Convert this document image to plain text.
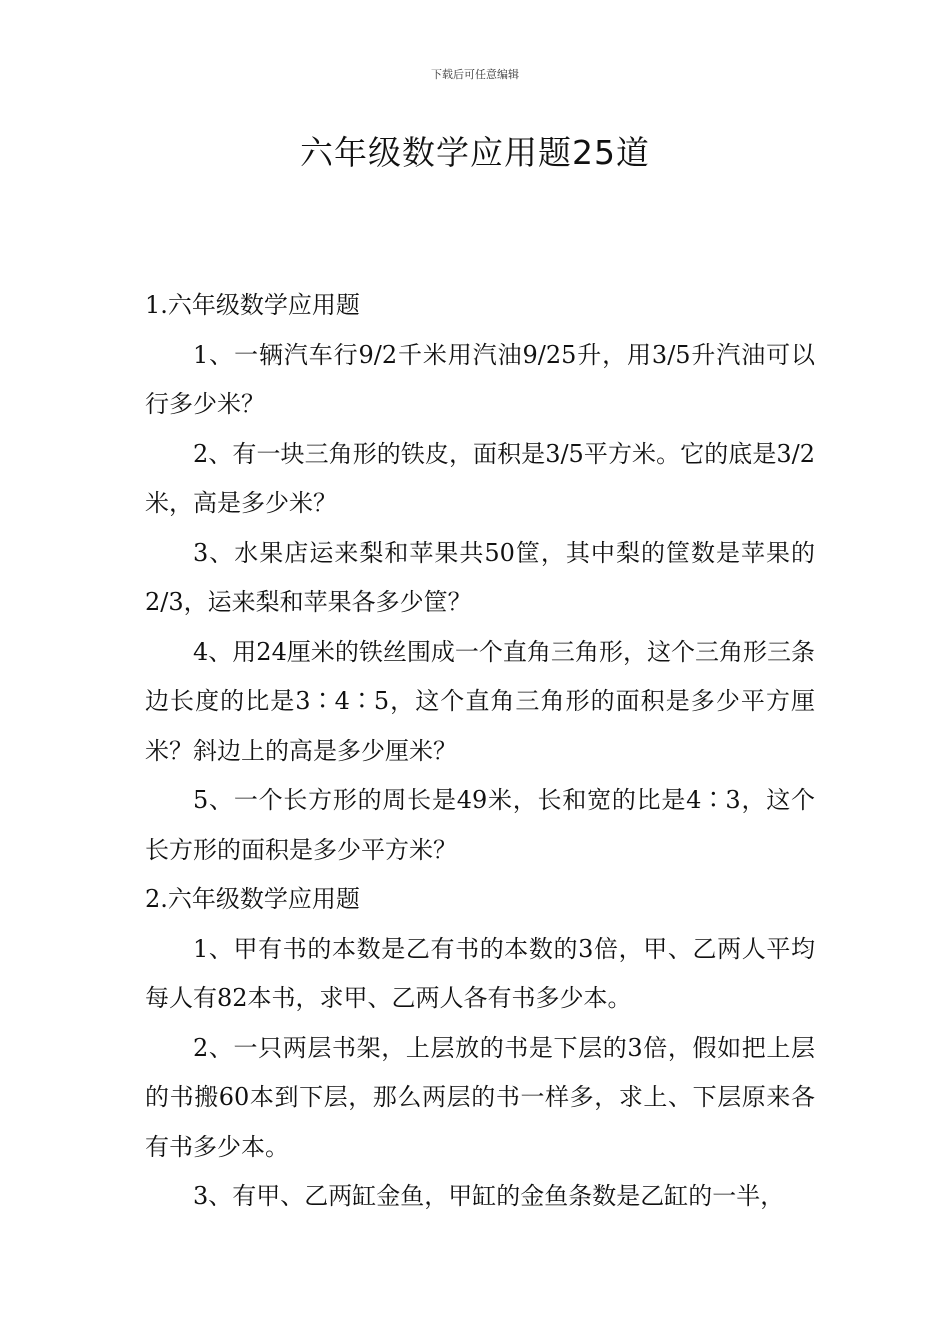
下载后可任意编辑
六年级数学应用题25道

1.六年级数学应用题

1、一辆汽车行9/2千米用汽油9/25升，用3/5升汽油可以行多少米？

2、有一块三角形的铁皮，面积是3/5平方米。它的底是3/2米，高是多少米？

3、水果店运来梨和苹果共50筐，其中梨的筐数是苹果的2/3，运来梨和苹果各多少筐？

4、用24厘米的铁丝围成一个直角三角形，这个三角形三条边长度的比是3∶4∶5，这个直角三角形的面积是多少平方厘米？斜边上的高是多少厘米？

5、一个长方形的周长是49米，长和宽的比是4∶3，这个长方形的面积是多少平方米？

2.六年级数学应用题

1、甲有书的本数是乙有书的本数的3倍，甲、乙两人平均每人有82本书，求甲、乙两人各有书多少本。

2、一只两层书架，上层放的书是下层的3倍，假如把上层的书搬60本到下层，那么两层的书一样多，求上、下层原来各有书多少本。

3、有甲、乙两缸金鱼，甲缸的金鱼条数是乙缸的一半，
